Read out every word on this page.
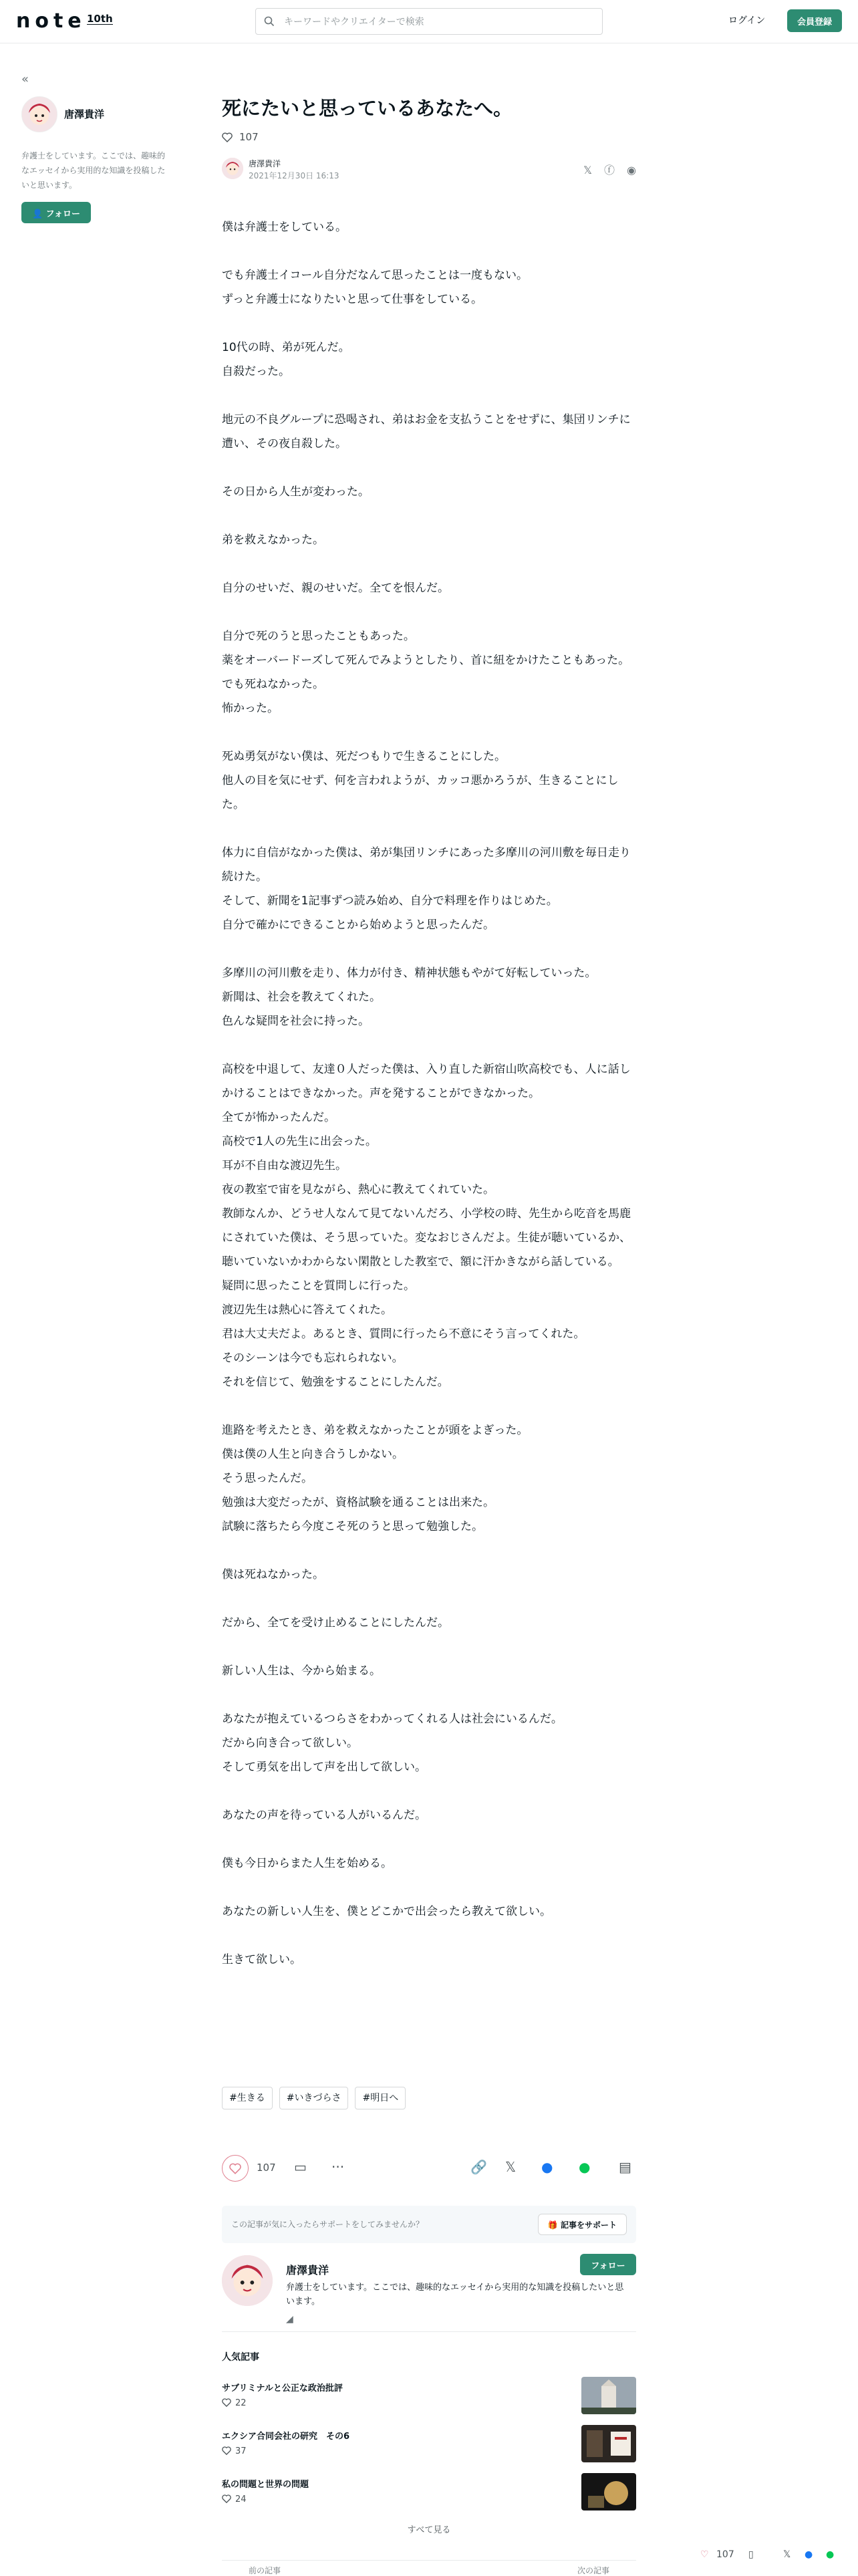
note 10th
キーワードやクリエイターで検索	ログイン	会員登録
«
唐澤貴洋
弁護士をしています。ここでは、趣味的なエッセイから実用的な知識を投稿したいと思います。
👤 フォロー
死にたいと思っているあなたへ。
107
唐澤貴洋
2021年12月30日 16:13	𝕏 ⓕ ◉

僕は弁護士をしている。

でも弁護士イコール自分だなんて思ったことは一度もない。
ずっと弁護士になりたいと思って仕事をしている。

10代の時、弟が死んだ。
自殺だった。

地元の不良グループに恐喝され、弟はお金を支払うことをせずに、集団リンチに遭い、その夜自殺した。

その日から人生が変わった。

弟を救えなかった。

自分のせいだ、親のせいだ。全てを恨んだ。

自分で死のうと思ったこともあった。
薬をオーバードーズして死んでみようとしたり、首に紐をかけたこともあった。
でも死ねなかった。
怖かった。

死ぬ勇気がない僕は、死だつもりで生きることにした。
他人の目を気にせず、何を言われようが、カッコ悪かろうが、生きることにした。

体力に自信がなかった僕は、弟が集団リンチにあった多摩川の河川敷を毎日走り続けた。
そして、新聞を1記事ずつ読み始め、自分で料理を作りはじめた。
自分で確かにできることから始めようと思ったんだ。

多摩川の河川敷を走り、体力が付き、精神状態もやがて好転していった。
新聞は、社会を教えてくれた。
色んな疑問を社会に持った。

高校を中退して、友達０人だった僕は、入り直した新宿山吹高校でも、人に話しかけることはできなかった。声を発することができなかった。
全てが怖かったんだ。
高校で1人の先生に出会った。
耳が不自由な渡辺先生。
夜の教室で宙を見ながら、熱心に教えてくれていた。
教師なんか、どうせ人なんて見てないんだろ、小学校の時、先生から吃音を馬鹿にされていた僕は、そう思っていた。変なおじさんだよ。生徒が聴いているか、聴いていないかわからない閑散とした教室で、額に汗かきながら話している。
疑問に思ったことを質問しに行った。
渡辺先生は熱心に答えてくれた。
君は大丈夫だよ。あるとき、質問に行ったら不意にそう言ってくれた。
そのシーンは今でも忘れられない。
それを信じて、勉強をすることにしたんだ。

進路を考えたとき、弟を救えなかったことが頭をよぎった。
僕は僕の人生と向き合うしかない。
そう思ったんだ。
勉強は大変だったが、資格試験を通ることは出来た。
試験に落ちたら今度こそ死のうと思って勉強した。

僕は死ねなかった。

だから、全てを受け止めることにしたんだ。

新しい人生は、今から始まる。

あなたが抱えているつらさをわかってくれる人は社会にいるんだ。
だから向き合って欲しい。
そして勇気を出して声を出して欲しい。

あなたの声を待っている人がいるんだ。

僕も今日からまた人生を始める。

あなたの新しい人生を、僕とどこかで出会ったら教えて欲しい。

生きて欲しい。

#生きる #いきづらさ #明日へ
107 ▭ ···	🔗 𝕏 ● ● ▤
この記事が気に入ったらサポートをしてみませんか？	🎁 記事をサポート
唐澤貴洋
弁護士をしています。ここでは、趣味的なエッセイから実用的な知識を投稿したいと思います。
◢
フォロー
人気記事
サブリミナルと公正な政治批評
22
エクシア合同会社の研究　その6
37
私の問題と世界の問題
24
すべて見る
前の記事	次の記事
♡ 107 ▯	𝕏 ● ●
